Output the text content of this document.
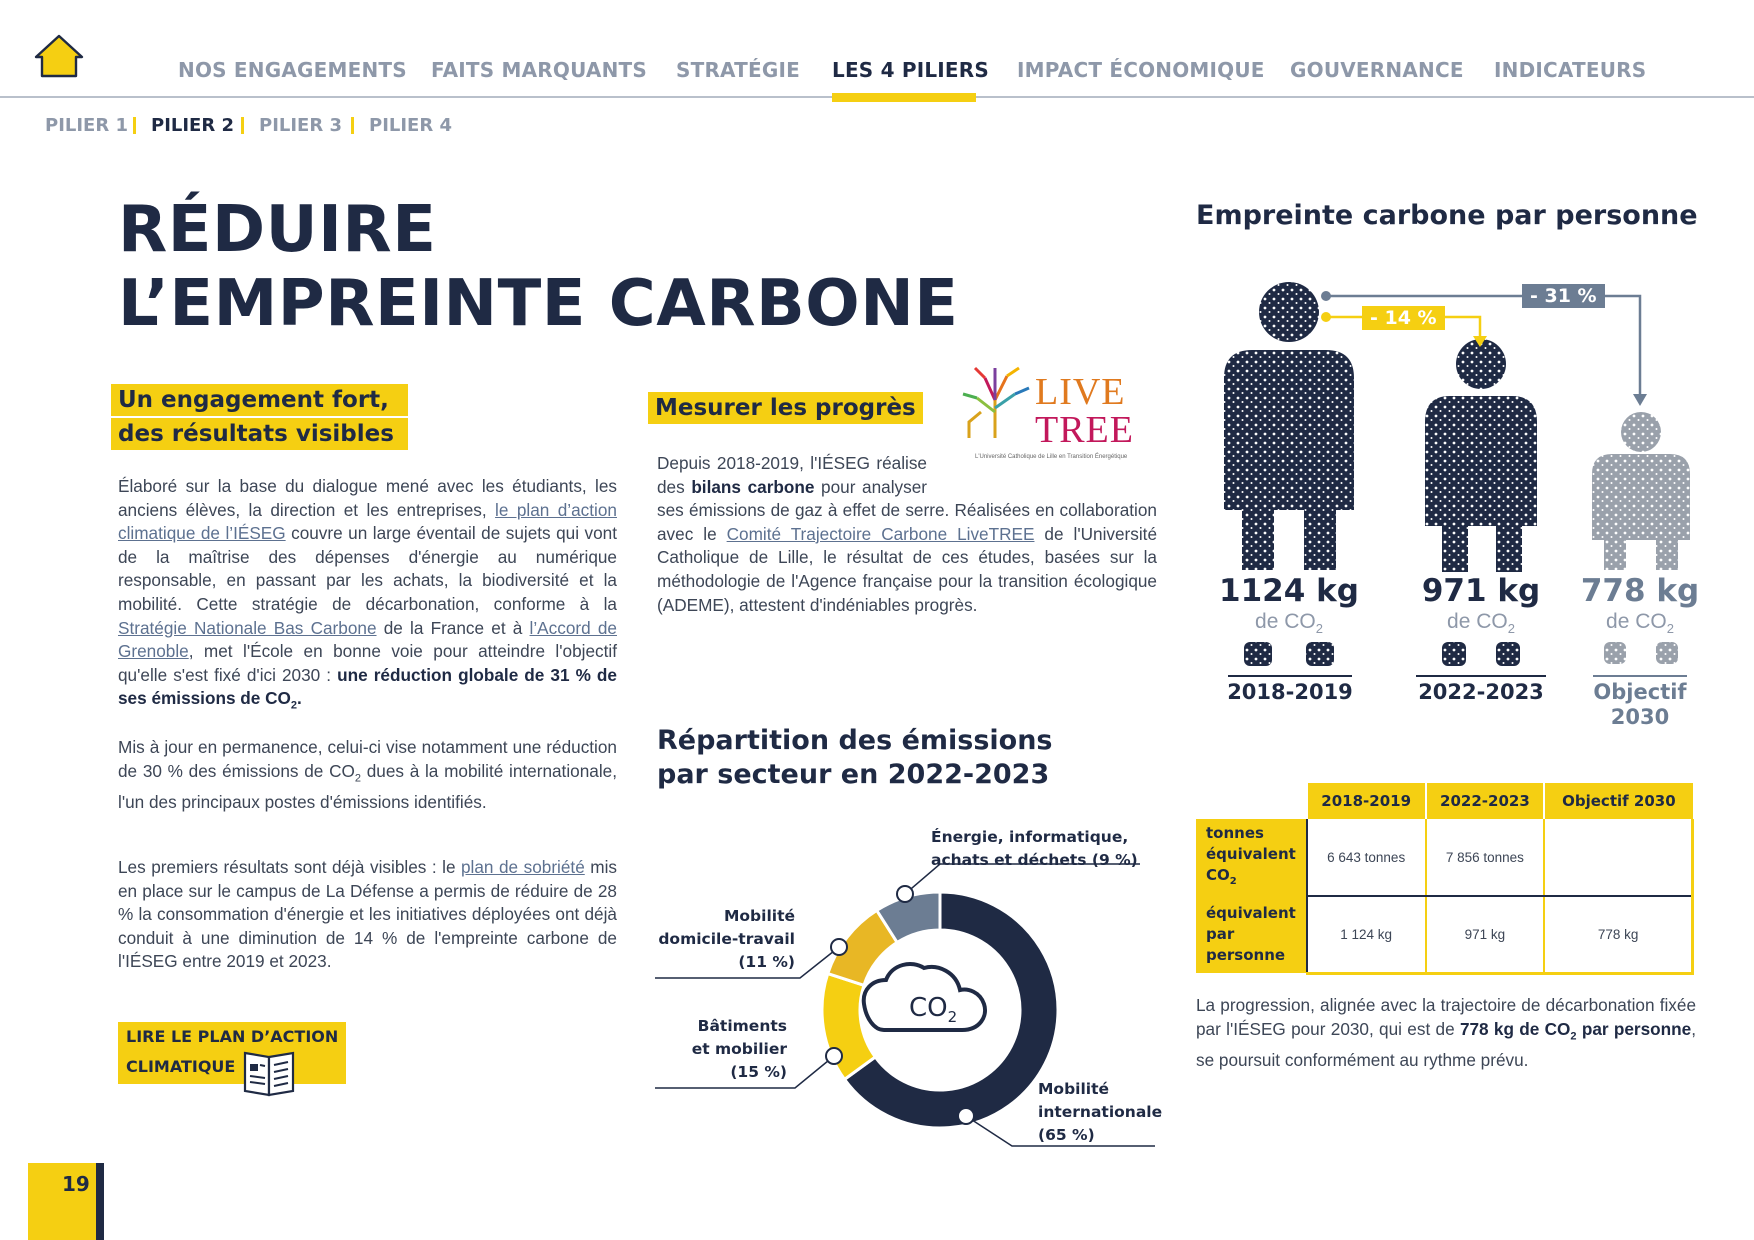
NOS ENGAGEMENTS FAITS MARQUANTS STRATÉGIE LES 4 PILIERS IMPACT ÉCONOMIQUE GOUVERNANCE INDICATEURS
PILIER 1 PILIER 2 PILIER 3 PILIER 4
RÉDUIRE
L’EMPREINTE CARBONE
Un engagement fort,
des résultats visibles
Élaboré sur la base du dialogue mené avec les étudiants, les anciens élèves, la direction et les entreprises, le plan d’action climatique de l’IÉSEG couvre un large éventail de sujets qui vont de la maîtrise des dépenses d'énergie au numérique responsable, en passant par les achats, la biodiversité et la mobilité. Cette stratégie de décarbonation, conforme à la Stratégie Nationale Bas Carbone de la France et à l’Accord de Grenoble, met l'École en bonne voie pour atteindre l'objectif qu'elle s'est fixé d'ici 2030 : une réduction globale de 31 % de ses émissions de $CO_2$.
Mis à jour en permanence, celui-ci vise notamment une réduction de 30 % des émissions de $CO_2$ dues à la mobilité internationale, l'un des principaux postes d'émissions identifiés.
Les premiers résultats sont déjà visibles : le plan de sobriété mis en place sur le campus de La Défense a permis de réduire de 28 % la consommation d'énergie et les initiatives déployées ont déjà conduit à une diminution de 14 % de l'empreinte carbone de l'IÉSEG entre 2019 et 2023.
LIRE LE PLAN D’ACTION
CLIMATIQUE
Mesurer les progrès	LIVE
TREE
L'Université Catholique de Lille en Transition Énergétique
Depuis 2018-2019, l'IÉSEG réalise des bilans carbone pour analyser ses émissions de gaz à effet de serre. Réalisées en collaboration avec le Comité Trajectoire Carbone LiveTREE de l'Université Catholique de Lille, le résultat de ces études, basées sur la méthodologie de l'Agence française pour la transition écologique (ADEME), attestent d'indéniables progrès.
Répartition des émissions
par secteur en 2022-2023
$CO_2$
Énergie, informatique,
achats et déchets (9 %)
Mobilité
domicile-travail
(11 %)
Bâtiments
et mobilier
(15 %)
Mobilité
internationale
(65 %)
Empreinte carbone par personne
- 14 %
- 31 %
1124 kg
de $CO_2$
971 kg
de $CO_2$
778 kg
de $CO_2$
2018-2019	2022-2023	Objectif
2030
	2018-2019	2022-2023	Objectif 2030

tonnes
équivalent
$CO_2$	6 643 tonnes	7 856 tonnes	

équivalent
par
personne	1 124 kg	971 kg	778 kg
La progression, alignée avec la trajectoire de décarbonation fixée par l'IÉSEG pour 2030, qui est de 778 kg de $CO_2$ par personne, se poursuit conformément au rythme prévu.
19
